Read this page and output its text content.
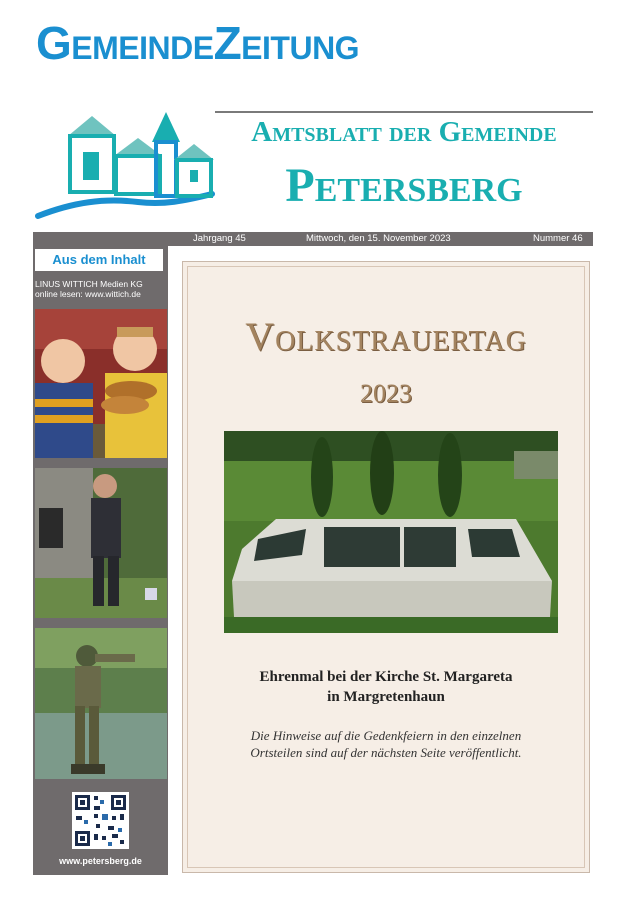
GemeindeZeitung
Amtsblatt der Gemeinde
Petersberg
Jahrgang 45	Mittwoch, den 15. November 2023	Nummer 46
Aus dem Inhalt
LINUS WITTICH Medien KG
online lesen: www.wittich.de
www.petersberg.de
Volkstrauertag
2023
Ehrenmal bei der Kirche St. Margareta
in Margretenhaun
Die Hinweise auf die Gedenkfeiern in den einzelnen
Ortsteilen sind auf der nächsten Seite veröffentlicht.
